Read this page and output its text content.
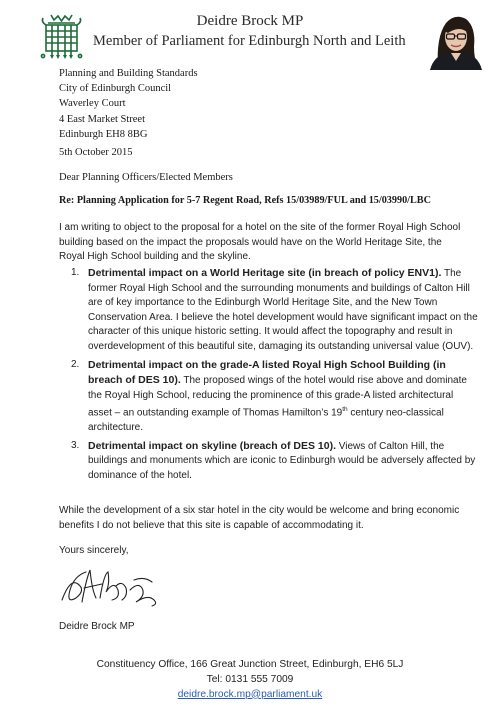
Deidre Brock MP
Member of Parliament for Edinburgh North and Leith
Planning and Building Standards
City of Edinburgh Council
Waverley Court
4 East Market Street
Edinburgh EH8 8BG
5th October 2015
Dear Planning Officers/Elected Members
Re: Planning Application for 5-7 Regent Road, Refs 15/03989/FUL and 15/03990/LBC
I am writing to object to the proposal for a hotel on the site of the former Royal High School building based on the impact the proposals would have on the World Heritage Site, the Royal High School building and the skyline.
1. Detrimental impact on a World Heritage site (in breach of policy ENV1). The former Royal High School and the surrounding monuments and buildings of Calton Hill are of key importance to the Edinburgh World Heritage Site, and the New Town Conservation Area. I believe the hotel development would have significant impact on the character of this unique historic setting. It would affect the topography and result in overdevelopment of this beautiful site, damaging its outstanding universal value (OUV).
2. Detrimental impact on the grade-A listed Royal High School Building (in breach of DES 10). The proposed wings of the hotel would rise above and dominate the Royal High School, reducing the prominence of this grade-A listed architectural asset – an outstanding example of Thomas Hamilton’s 19th century neo-classical architecture.
3. Detrimental impact on skyline (breach of DES 10). Views of Calton Hill, the buildings and monuments which are iconic to Edinburgh would be adversely affected by dominance of the hotel.
While the development of a six star hotel in the city would be welcome and bring economic benefits I do not believe that this site is capable of accommodating it.
Yours sincerely,
Deidre Brock MP
Constituency Office, 166 Great Junction Street, Edinburgh, EH6 5LJ
Tel: 0131 555 7009
deidre.brock.mp@parliament.uk
